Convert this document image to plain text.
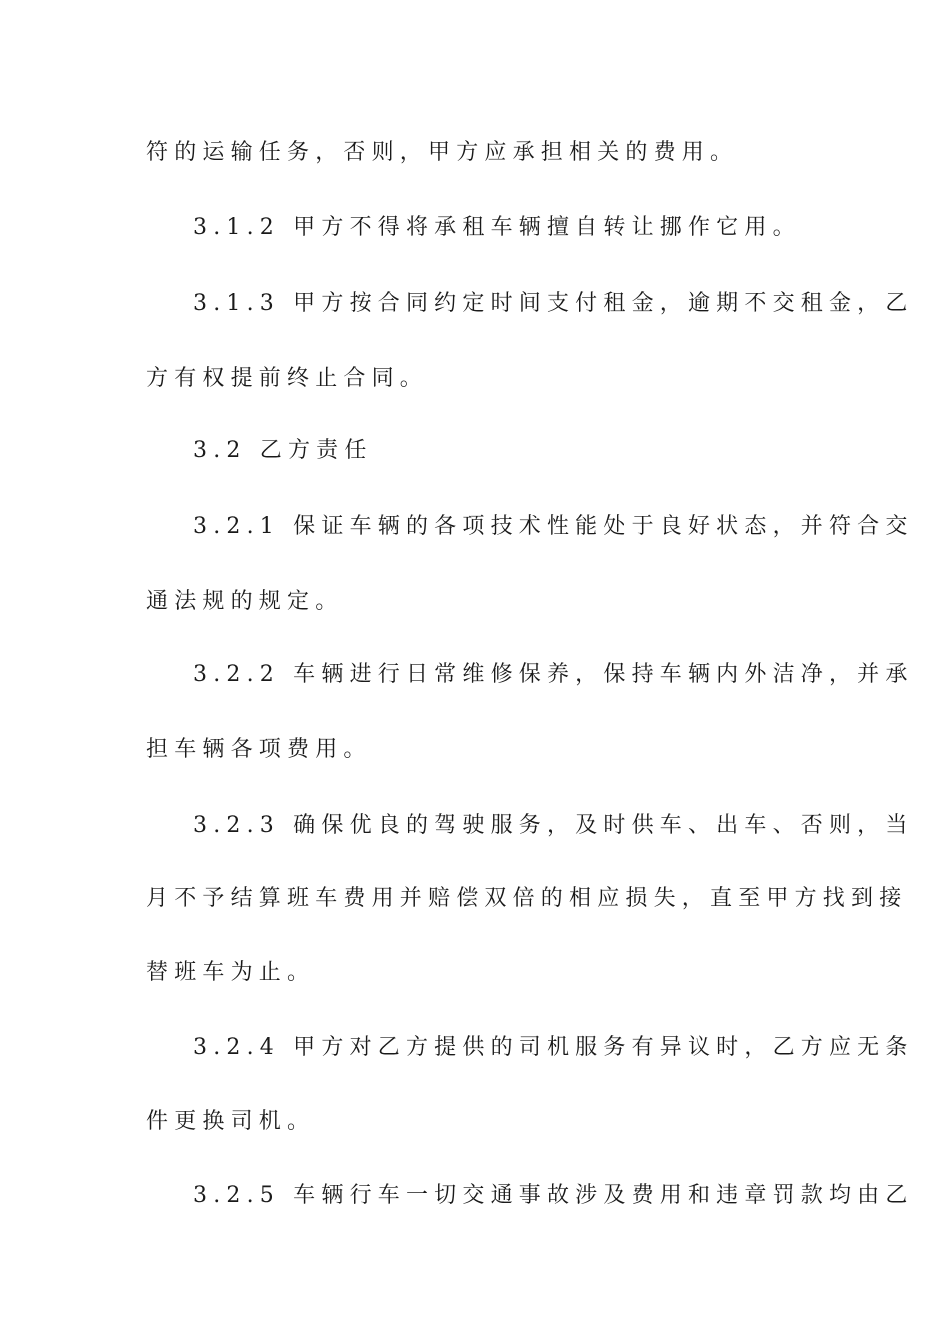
符的运输任务，否则，甲方应承担相关的费用。
3.1.2 甲方不得将承租车辆擅自转让挪作它用。
3.1.3 甲方按合同约定时间支付租金，逾期不交租金，乙
方有权提前终止合同。
3.2 乙方责任
3.2.1 保证车辆的各项技术性能处于良好状态，并符合交
通法规的规定。
3.2.2 车辆进行日常维修保养，保持车辆内外洁净，并承
担车辆各项费用。
3.2.3 确保优良的驾驶服务，及时供车、出车、否则，当
月不予结算班车费用并赔偿双倍的相应损失，直至甲方找到接
替班车为止。
3.2.4 甲方对乙方提供的司机服务有异议时，乙方应无条
件更换司机。
3.2.5 车辆行车一切交通事故涉及费用和违章罚款均由乙
